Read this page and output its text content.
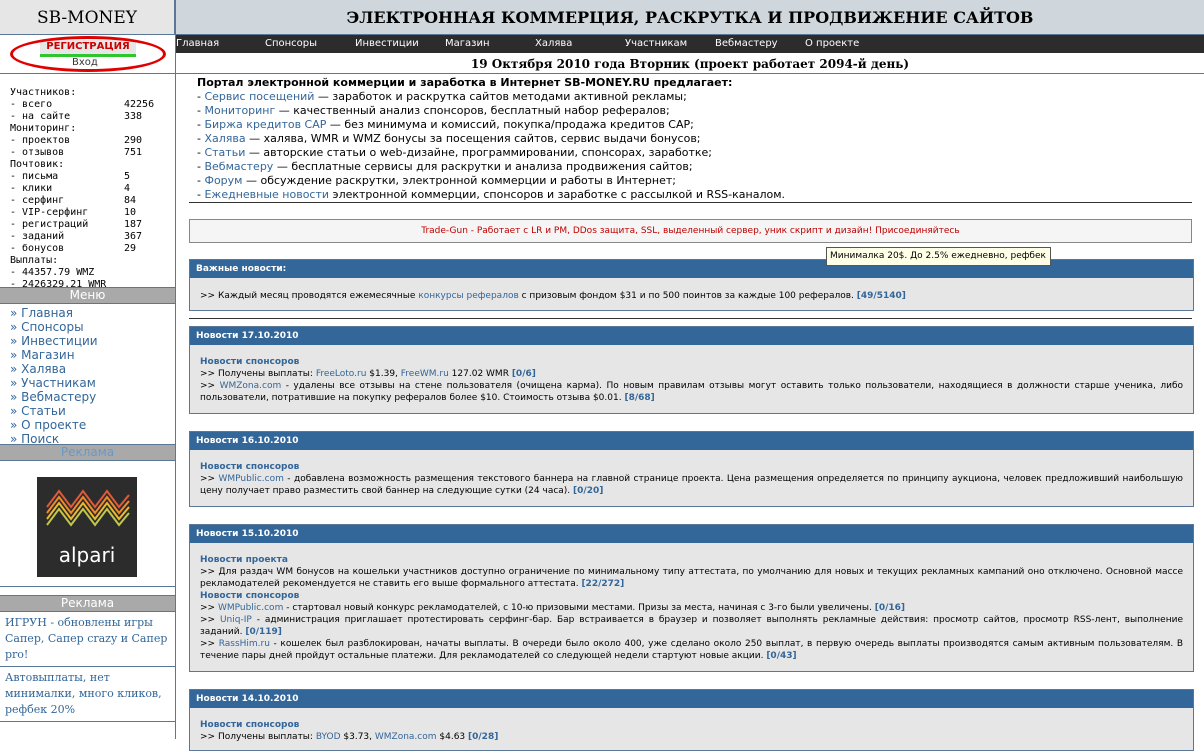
SB-MONEY
РЕГИСТРАЦИЯ
Вход
Участников:
- всего	42256
- на сайте	338
Мониторинг:
- проектов	290
- отзывов	751
Почтовик:
- письма	5
- клики	4
- серфинг	84
- VIP-серфинг	10
- регистраций	187
- заданий	367
- бонусов	29
Выплаты:
- 44357.79 WMZ
- 2426329.21 WMR
Меню
» Главная
» Спонсоры
» Инвестиции
» Магазин
» Халява
» Участникам
» Вебмастеру
» Статьи
» О проекте
» Поиск
Реклама
alpari
Реклама
ИГРУН - обновлены игры Сапер, Сапер crazy и Сапер pro!
Автовыплаты, нет минималки, много кликов, рефбек 20%
ЭЛЕКТРОННАЯ КОММЕРЦИЯ, РАСКРУТКА И ПРОДВИЖЕНИЕ САЙТОВ
Главная	Спонсоры	Инвестиции	Магазин	Халява	Участникам	Вебмастеру	О проекте
19 Октября 2010 года Вторник (проект работает 2094-й день)
Портал электронной коммерции и заработка в Интернет SB-MONEY.RU предлагает:
- Сервис посещений — заработок и раскрутка сайтов методами активной рекламы;
- Мониторинг — качественный анализ спонсоров, бесплатный набор рефералов;
- Биржа кредитов CAP — без минимума и комиссий, покупка/продажа кредитов CAP;
- Халява — халява, WMR и WMZ бонусы за посещения сайтов, сервис выдачи бонусов;
- Статьи — авторские статьи о web-дизайне, программировании, спонсорах, заработке;
- Вебмастеру — бесплатные сервисы для раскрутки и анализа продвижения сайтов;
- Форум — обсуждение раскрутки, электронной коммерции и работы в Интернет;
- Ежедневные новости электронной коммерции, спонсоров и заработке с рассылкой и RSS-каналом.
Trade-Gun - Работает с LR и PM, DDos защита, SSL, выделенный сервер, уник скрипт и дизайн! Присоединяйтесь
Важные новости:
>> Каждый месяц проводятся ежемесячные конкурсы рефералов с призовым фондом $31 и по 500 поинтов за каждые 100 рефералов. [49/5140]
Новости 17.10.2010
Новости спонсоров
>> Получены выплаты: FreeLoto.ru $1.39, FreeWM.ru 127.02 WMR [0/6]
>> WMZona.com - удалены все отзывы на стене пользователя (очищена карма). По новым правилам отзывы могут оставить только пользователи, находящиеся в должности старше ученика, либо пользователи, потратившие на покупку рефералов более $10. Стоимость отзыва $0.01. [8/68]
Новости 16.10.2010
Новости спонсоров
>> WMPublic.com - добавлена возможность размещения текстового баннера на главной странице проекта. Цена размещения определяется по принципу аукциона, человек предложивший наибольшую цену получает право разместить свой баннер на следующие сутки (24 часа). [0/20]
Новости 15.10.2010
Новости проекта
>> Для раздач WM бонусов на кошельки участников доступно ограничение по минимальному типу аттестата, по умолчанию для новых и текущих рекламных кампаний оно отключено. Основной массе рекламодателей рекомендуется не ставить его выше формального аттестата. [22/272]
Новости спонсоров
>> WMPublic.com - стартовал новый конкурс рекламодателей, с 10-ю призовыми местами. Призы за места, начиная с 3-го были увеличены. [0/16]
>> Uniq-IP - администрация приглашает протестировать серфинг-бар. Бар встраивается в браузер и позволяет выполнять рекламные действия: просмотр сайтов, просмотр RSS-лент, выполнение заданий. [0/119]
>> RassHim.ru - кошелек был разблокирован, начаты выплаты. В очереди было около 400, уже сделано около 250 выплат, в первую очередь выплаты производятся самым активным пользователям. В течение пары дней пройдут остальные платежи. Для рекламодателей со следующей недели стартуют новые акции. [0/43]
Новости 14.10.2010
Новости спонсоров
>> Получены выплаты: BYOD $3.73, WMZona.com $4.63 [0/28]
Минималка 20$. До 2.5% ежедневно, рефбек
